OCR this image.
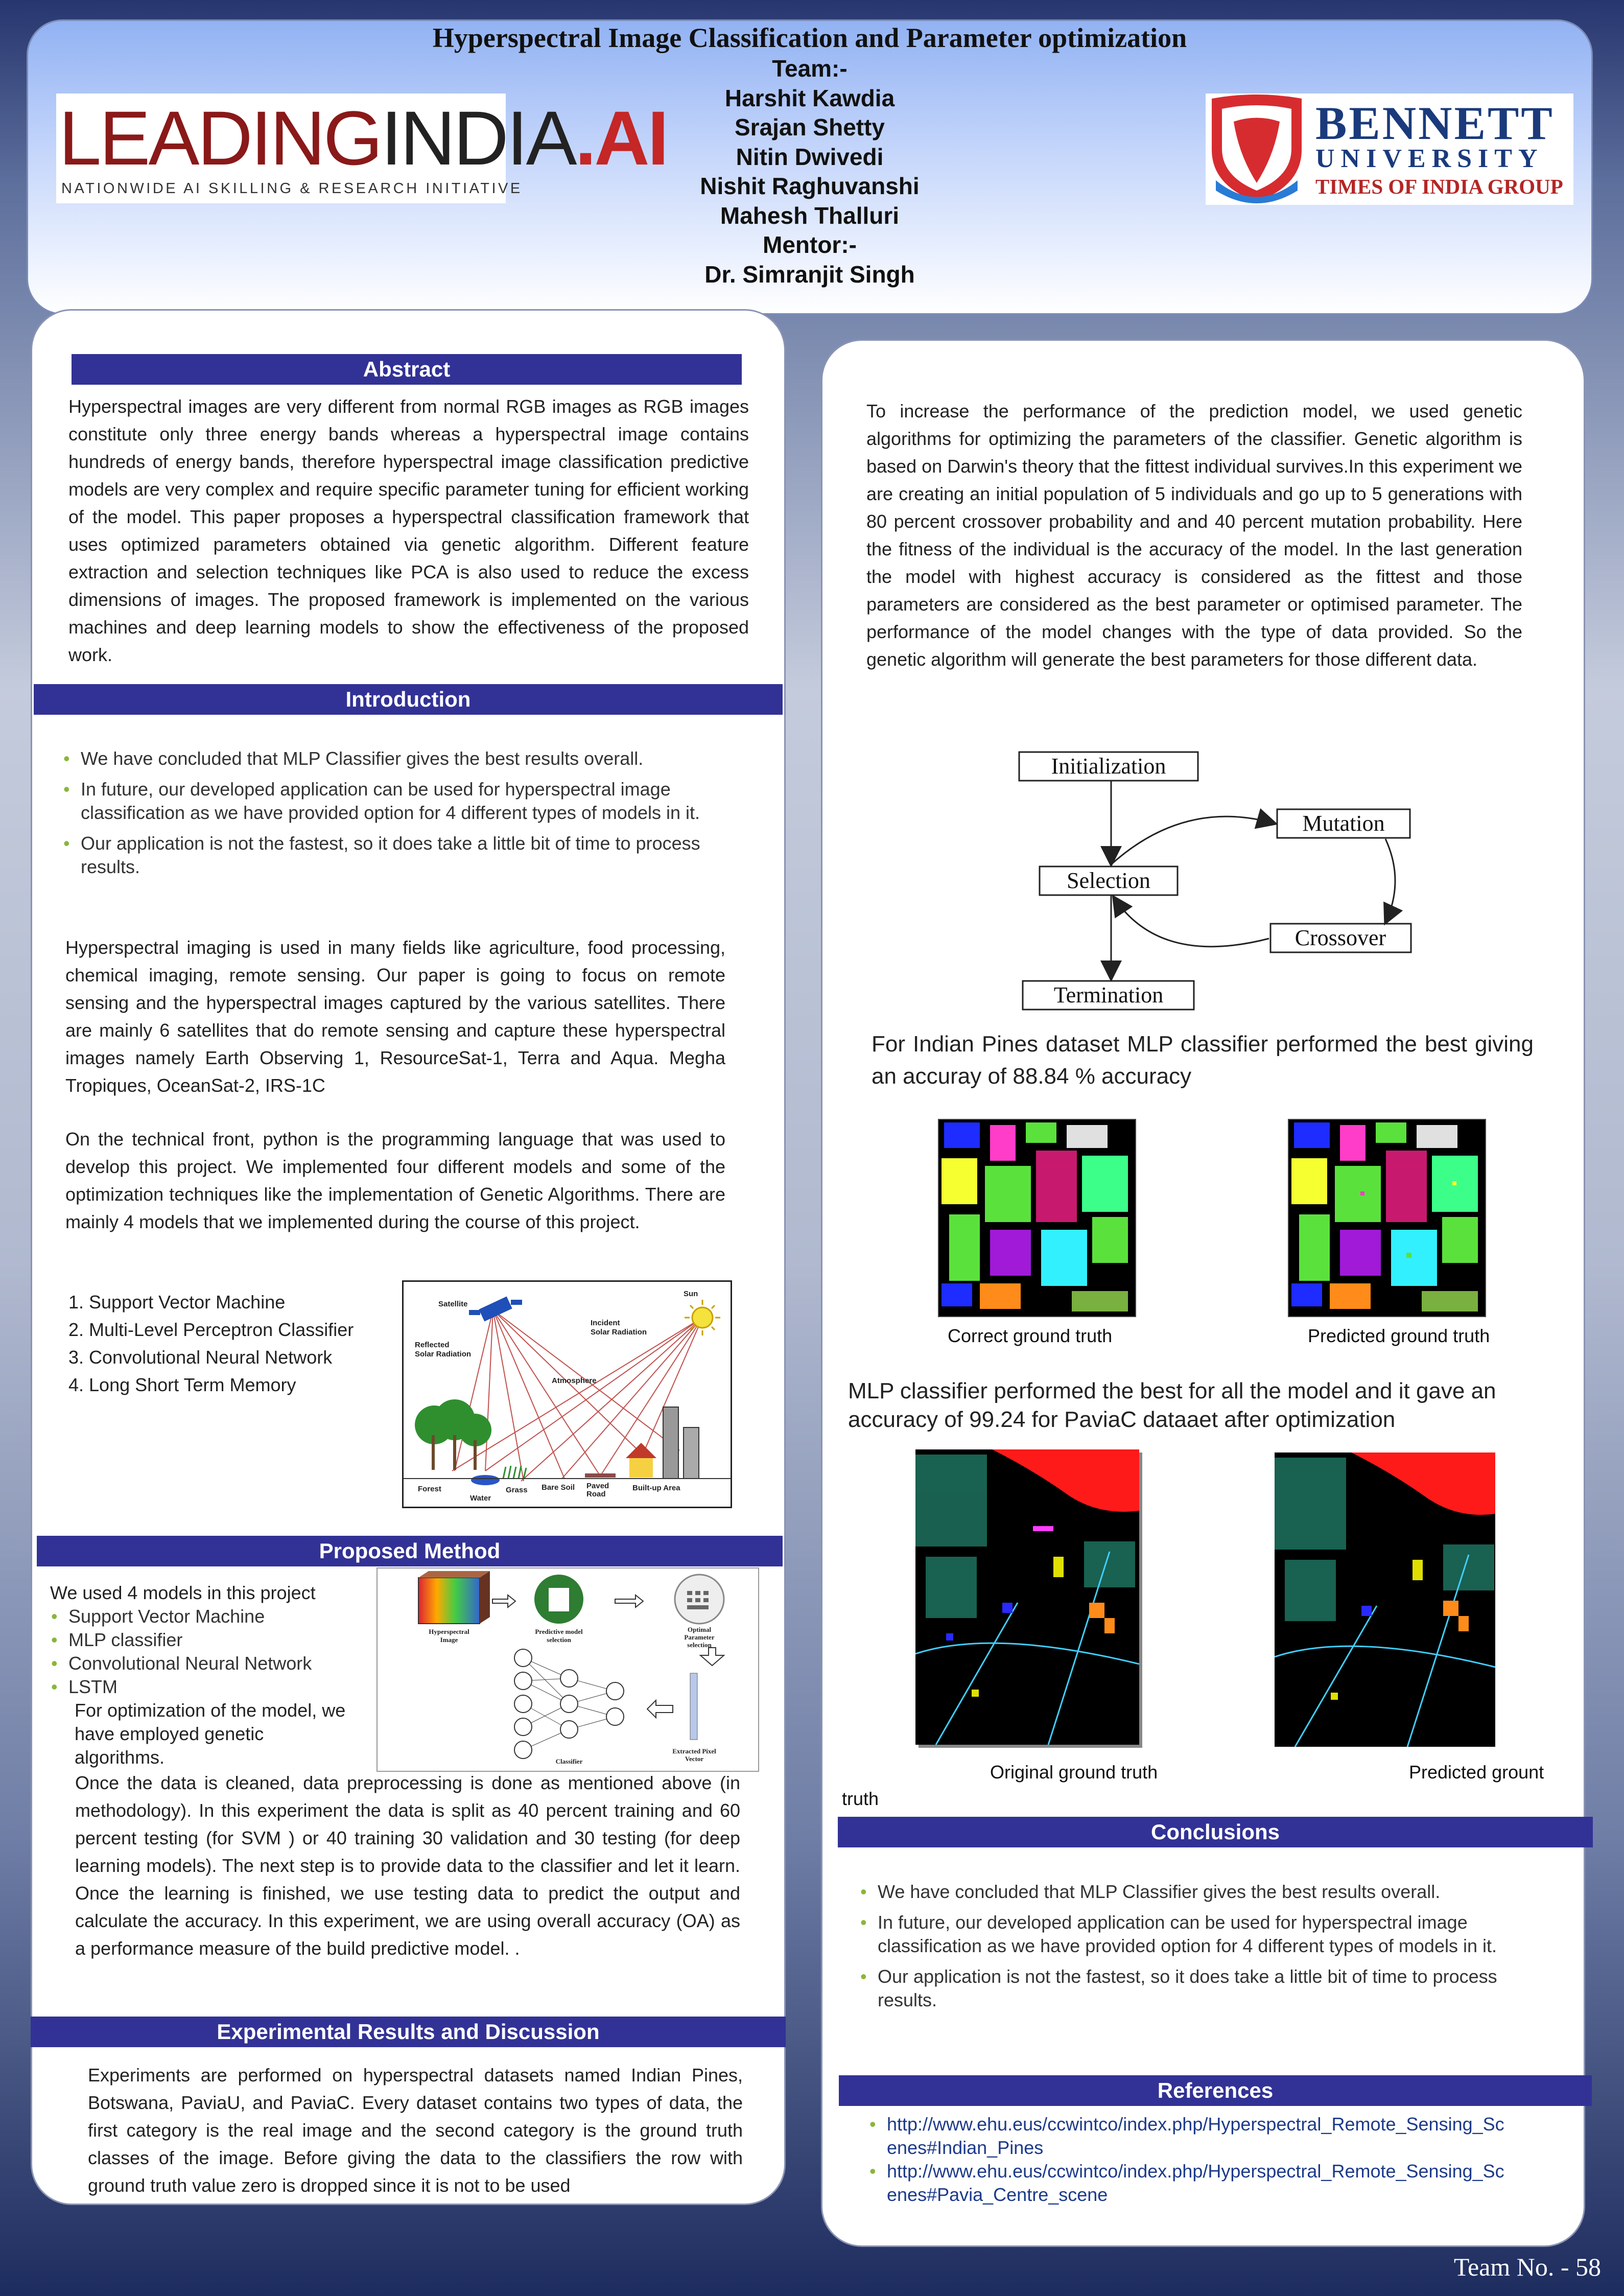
Hyperspectral Image Classification and Parameter optimization
Team:-
Harshit Kawdia
Srajan Shetty
Nitin Dwivedi
Nishit Raghuvanshi
Mahesh Thalluri
Mentor:-
Dr. Simranjit Singh
LEADINGINDIA.AI
NATIONWIDE AI SKILLING & RESEARCH INITIATIVE
BENNETT
UNIVERSITY
TIMES OF INDIA GROUP
Abstract
Hyperspectral images are very different from normal RGB images as RGB images constitute only three energy bands whereas a hyperspectral image contains hundreds of energy bands, therefore hyperspectral image classification predictive models are very complex and require specific parameter tuning for efficient working of the model. This paper proposes a hyperspectral classification framework that uses optimized parameters obtained via genetic algorithm. Different feature extraction and selection techniques like PCA is also used to reduce the excess dimensions of images. The proposed framework is implemented on the various machines and deep learning models to show the effectiveness of the proposed work.
Introduction
• We have concluded that MLP Classifier gives the best results overall.
• In future, our developed application can be used for hyperspectral image classification as we have provided option for 4 different types of models in it.
• Our application is not the fastest, so it does take a little bit of time to process results.
Hyperspectral imaging is used in many fields like agriculture, food processing, chemical imaging, remote sensing. Our paper is going to focus on remote sensing and the hyperspectral images captured by the various satellites. There are mainly 6 satellites that do remote sensing and capture these hyperspectral images namely Earth Observing 1, ResourceSat-1, Terra and Aqua. Megha Tropiques, OceanSat-2, IRS-1C
On the technical front, python is the programming language that was used to develop this project. We implemented four different models and some of the optimization techniques like the implementation of Genetic Algorithms. There are mainly 4 models that we implemented during the course of this project.
1. Support Vector Machine
2. Multi-Level Perceptron Classifier
3. Convolutional Neural Network
4. Long Short Term Memory
Satellite
Sun
Incident
Solar Radiation
Reflected
Solar Radiation
Atmosphere
Forest
Water
Grass Bare Soil Paved
Road
Built-up Area
Proposed Method
We used 4 models in this project
• Support Vector Machine
• MLP classifier
• Convolutional Neural Network
• LSTM
For optimization of the model, we have employed genetic algorithms.
Hyperspectral
Image
Predictive model
selection
Optimal
Parameter
selection
Classifier
Extracted Pixel
Vector
Once the data is cleaned, data preprocessing is done as mentioned above (in methodology). In this experiment the data is split as 40 percent training and 60 percent testing (for SVM ) or 40 training 30 validation and 30 testing (for deep learning models). The next step is to provide data to the classifier and let it learn. Once the learning is finished, we use testing data to predict the output and calculate the accuracy. In this experiment, we are using overall accuracy (OA) as a performance measure of the build predictive model. .
Experimental Results and Discussion
Experiments are performed on hyperspectral datasets named Indian Pines, Botswana, PaviaU, and PaviaC. Every dataset contains two types of data, the first category is the real image and the second category is the ground truth classes of the image. Before giving the data to the classifiers the row with ground truth value zero is dropped since it is not to be used
To increase the performance of the prediction model, we used genetic algorithms for optimizing the parameters of the classifier. Genetic algorithm is based on Darwin's theory that the fittest individual survives.In this experiment we are creating an initial population of 5 individuals and go up to 5 generations with 80 percent crossover probability and and 40 percent mutation probability. Here the fitness of the individual is the accuracy of the model. In the last generation the model with highest accuracy is considered as the fittest and those parameters are considered as the best parameter or optimised parameter. The performance of the model changes with the type of data provided. So the genetic algorithm will generate the best parameters for those different data.
Initialization
Mutation
Selection
Crossover
Termination
For Indian Pines dataset MLP classifier performed the best giving an accuray of 88.84 % accuracy
Correct ground truth	Predicted ground truth
MLP classifier performed the best for all the model and it gave an accuracy of 99.24 for PaviaC dataaet after optimization
Original ground truth	Predicted grount
truth
Conclusions
• We have concluded that MLP Classifier gives the best results overall.
• In future, our developed application can be used for hyperspectral image classification as we have provided option for 4 different types of models in it.
• Our application is not the fastest, so it does take a little bit of time to process results.
References
• http://www.ehu.eus/ccwintco/index.php/Hyperspectral_Remote_Sensing_Scenes#Indian_Pines
• http://www.ehu.eus/ccwintco/index.php/Hyperspectral_Remote_Sensing_Scenes#Pavia_Centre_scene
Team No. - 58
